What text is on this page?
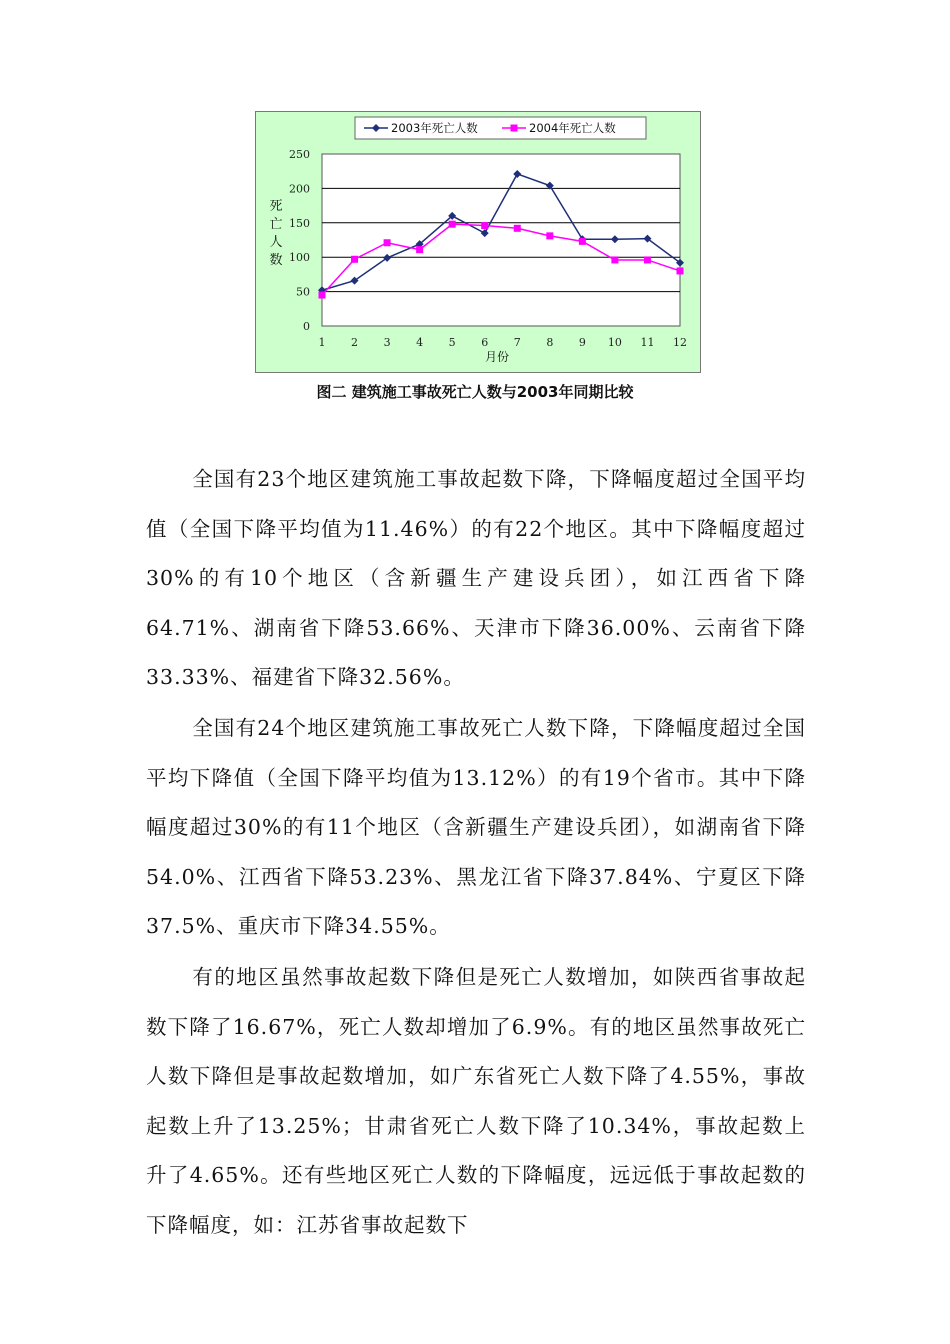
0
50
100
150
200
250
1 2 3 4 5 6 7 8 9 10 11 12
月份
死
亡
人
数
2003年死亡人数	2004年死亡人数
图二 建筑施工事故死亡人数与2003年同期比较

全国有23个地区建筑施工事故起数下降，下降幅度超过全国平均值（全国下降平均值为11.46%）的有22个地区。其中下降幅度超过30%的有10个地区（含新疆生产建设兵团），如江西省下降64.71%、湖南省下降53.66%、天津市下降36.00%、云南省下降33.33%、福建省下降32.56%。

全国有24个地区建筑施工事故死亡人数下降，下降幅度超过全国平均下降值（全国下降平均值为13.12%）的有19个省市。其中下降幅度超过30%的有11个地区（含新疆生产建设兵团），如湖南省下降54.0%、江西省下降53.23%、黑龙江省下降37.84%、宁夏区下降37.5%、重庆市下降34.55%。

有的地区虽然事故起数下降但是死亡人数增加，如陕西省事故起数下降了16.67%，死亡人数却增加了6.9%。有的地区虽然事故死亡人数下降但是事故起数增加，如广东省死亡人数下降了4.55%，事故起数上升了13.25%；甘肃省死亡人数下降了10.34%，事故起数上升了4.65%。还有些地区死亡人数的下降幅度，远远低于事故起数的下降幅度，如：江苏省事故起数下
